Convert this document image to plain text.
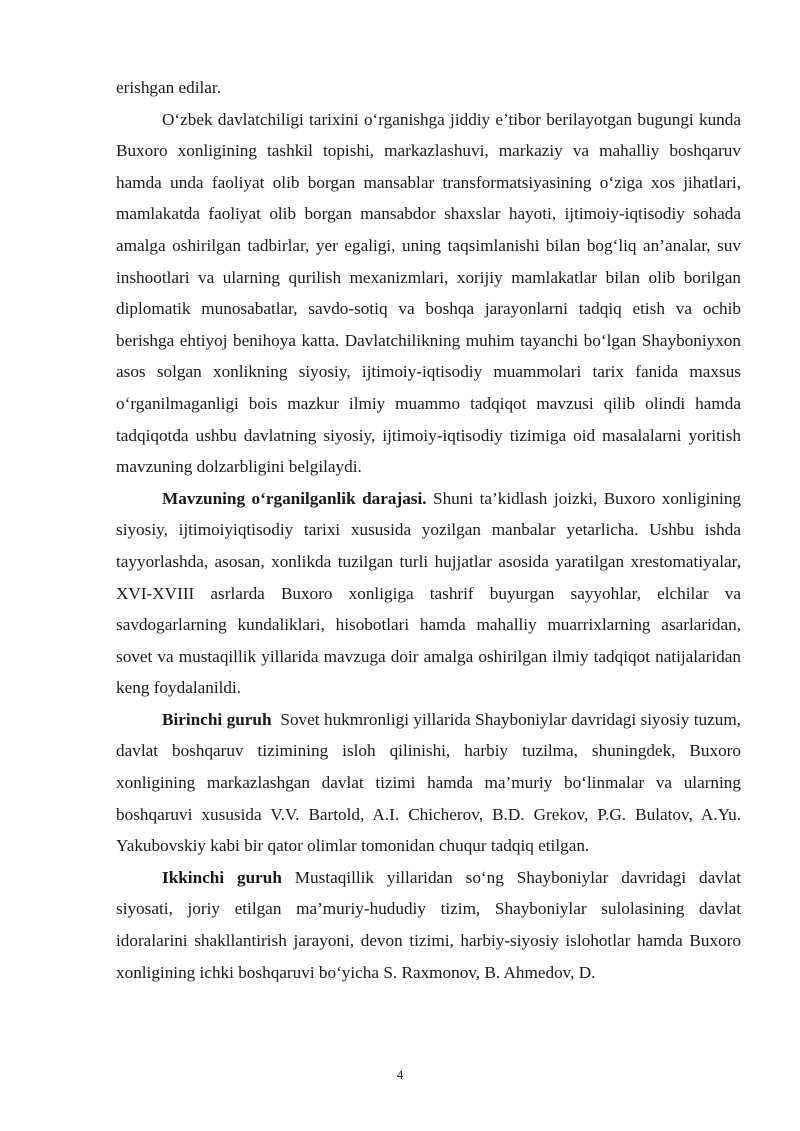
erishgan edilar.

O‘zbek davlatchiligi tarixini o‘rganishga jiddiy e’tibor berilayotgan bugungi kunda Buxoro xonligining tashkil topishi, markazlashuvi, markaziy va mahalliy boshqaruv hamda unda faoliyat olib borgan mansablar transformatsiyasining o‘ziga xos jihatlari, mamlakatda faoliyat olib borgan mansabdor shaxslar hayoti, ijtimoiy-iqtisodiy sohada amalga oshirilgan tadbirlar, yer egaligi, uning taqsimlanishi bilan bog‘liq an’analar, suv inshootlari va ularning qurilish mexanizmlari, xorijiy mamlakatlar bilan olib borilgan diplomatik munosabatlar, savdo-sotiq va boshqa jarayonlarni tadqiq etish va ochib berishga ehtiyoj benihoya katta. Davlatchilikning muhim tayanchi bo‘lgan Shayboniyxon asos solgan xonlikning siyosiy, ijtimoiy-iqtisodiy muammolari tarix fanida maxsus o‘rganilmaganligi bois mazkur ilmiy muammo tadqiqot mavzusi qilib olindi hamda tadqiqotda ushbu davlatning siyosiy, ijtimoiy-iqtisodiy tizimiga oid masalalarni yoritish mavzuning dolzarbligini belgilaydi.

Mavzuning o‘rganilganlik darajasi. Shuni ta’kidlash joizki, Buxoro xonligining siyosiy, ijtimoiyiqtisodiy tarixi xususida yozilgan manbalar yetarlicha. Ushbu ishda tayyorlashda, asosan, xonlikda tuzilgan turli hujjatlar asosida yaratilgan xrestomatiyalar, XVI-XVIII asrlarda Buxoro xonligiga tashrif buyurgan sayyohlar, elchilar va savdogarlarning kundaliklari, hisobotlari hamda mahalliy muarrixlarning asarlaridan, sovet va mustaqillik yillarida mavzuga doir amalga oshirilgan ilmiy tadqiqot natijalaridan keng foydalanildi.

Birinchi guruh  Sovet hukmronligi yillarida Shayboniylar davridagi siyosiy tuzum, davlat boshqaruv tizimining isloh qilinishi, harbiy tuzilma, shuningdek, Buxoro xonligining markazlashgan davlat tizimi hamda ma’muriy bo‘linmalar va ularning boshqaruvi xususida V.V. Bartold, A.I. Chicherov, B.D. Grekov, P.G. Bulatov, A.Yu. Yakubovskiy kabi bir qator olimlar tomonidan chuqur tadqiq etilgan.

Ikkinchi guruh Mustaqillik yillaridan so‘ng Shayboniylar davridagi davlat siyosati, joriy etilgan ma’muriy-hududiy tizim, Shayboniylar sulolasining davlat idoralarini shakllantirish jarayoni, devon tizimi, harbiy-siyosiy islohotlar hamda Buxoro xonligining ichki boshqaruvi bo‘yicha S. Raxmonov, B. Ahmedov, D.

4
